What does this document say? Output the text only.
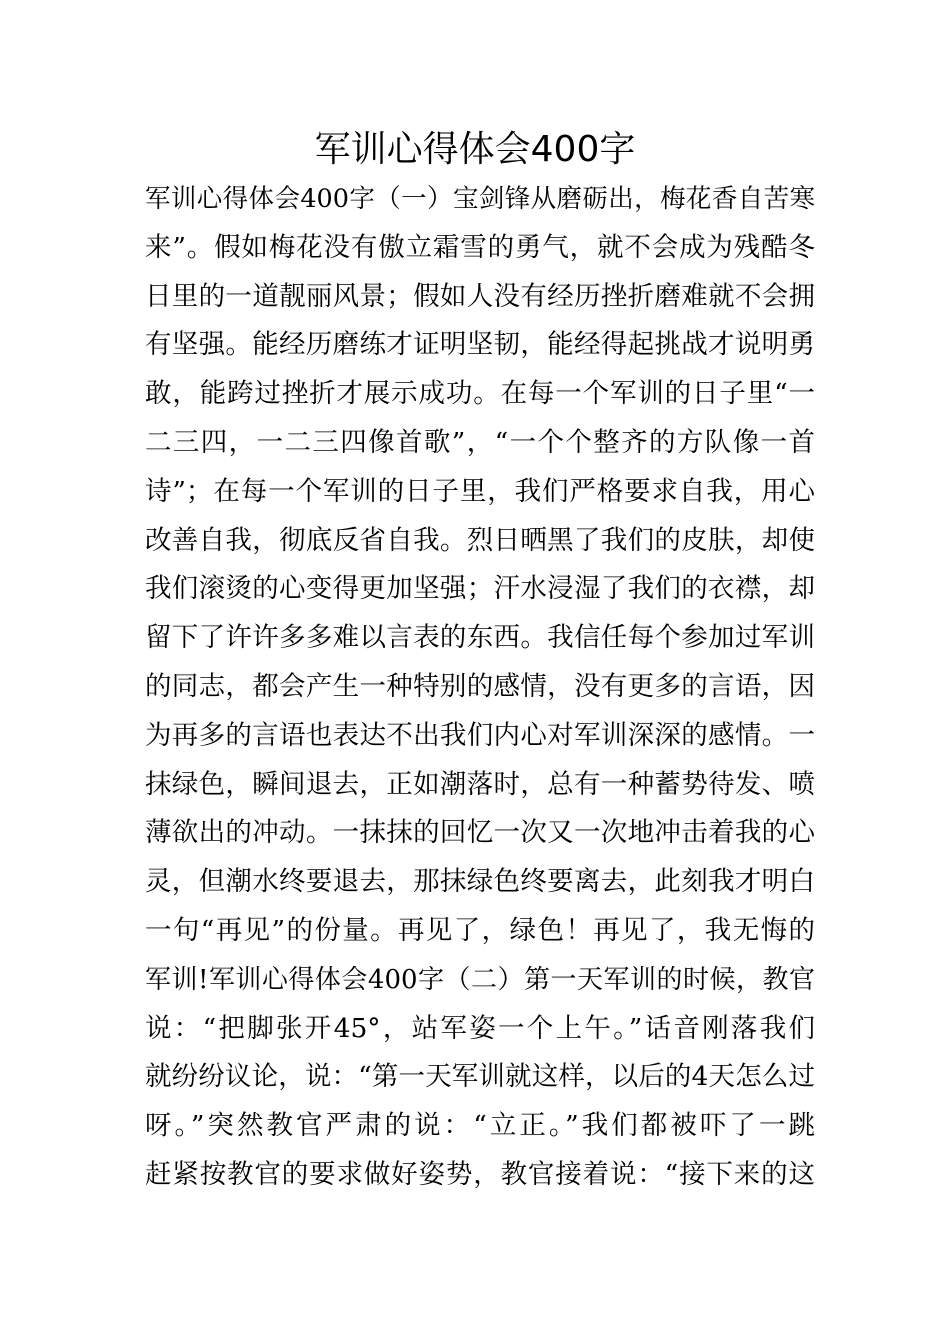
军训心得体会400字
军训心得体会400字（一）宝剑锋从磨砺出，梅花香自苦寒
来”。假如梅花没有傲立霜雪的勇气，就不会成为残酷冬
日里的一道靓丽风景；假如人没有经历挫折磨难就不会拥
有坚强。能经历磨练才证明坚韧，能经得起挑战才说明勇
敢，能跨过挫折才展示成功。在每一个军训的日子里“一
二三四，一二三四像首歌”，“一个个整齐的方队像一首
诗”；在每一个军训的日子里，我们严格要求自我，用心
改善自我，彻底反省自我。烈日晒黑了我们的皮肤，却使
我们滚烫的心变得更加坚强；汗水浸湿了我们的衣襟，却
留下了许许多多难以言表的东西。我信任每个参加过军训
的同志，都会产生一种特别的感情，没有更多的言语，因
为再多的言语也表达不出我们内心对军训深深的感情。一
抹绿色，瞬间退去，正如潮落时，总有一种蓄势待发、喷
薄欲出的冲动。一抹抹的回忆一次又一次地冲击着我的心
灵，但潮水终要退去，那抹绿色终要离去，此刻我才明白
一句“再见”的份量。再见了，绿色！再见了，我无悔的
军训!军训心得体会400字（二）第一天军训的时候，教官
说：“把脚张开45°，站军姿一个上午。”话音刚落我们
就纷纷议论，说：“第一天军训就这样，以后的4天怎么过
呀。”突然教官严肃的说：“立正。”我们都被吓了一跳
赶紧按教官的要求做好姿势，教官接着说：“接下来的这
